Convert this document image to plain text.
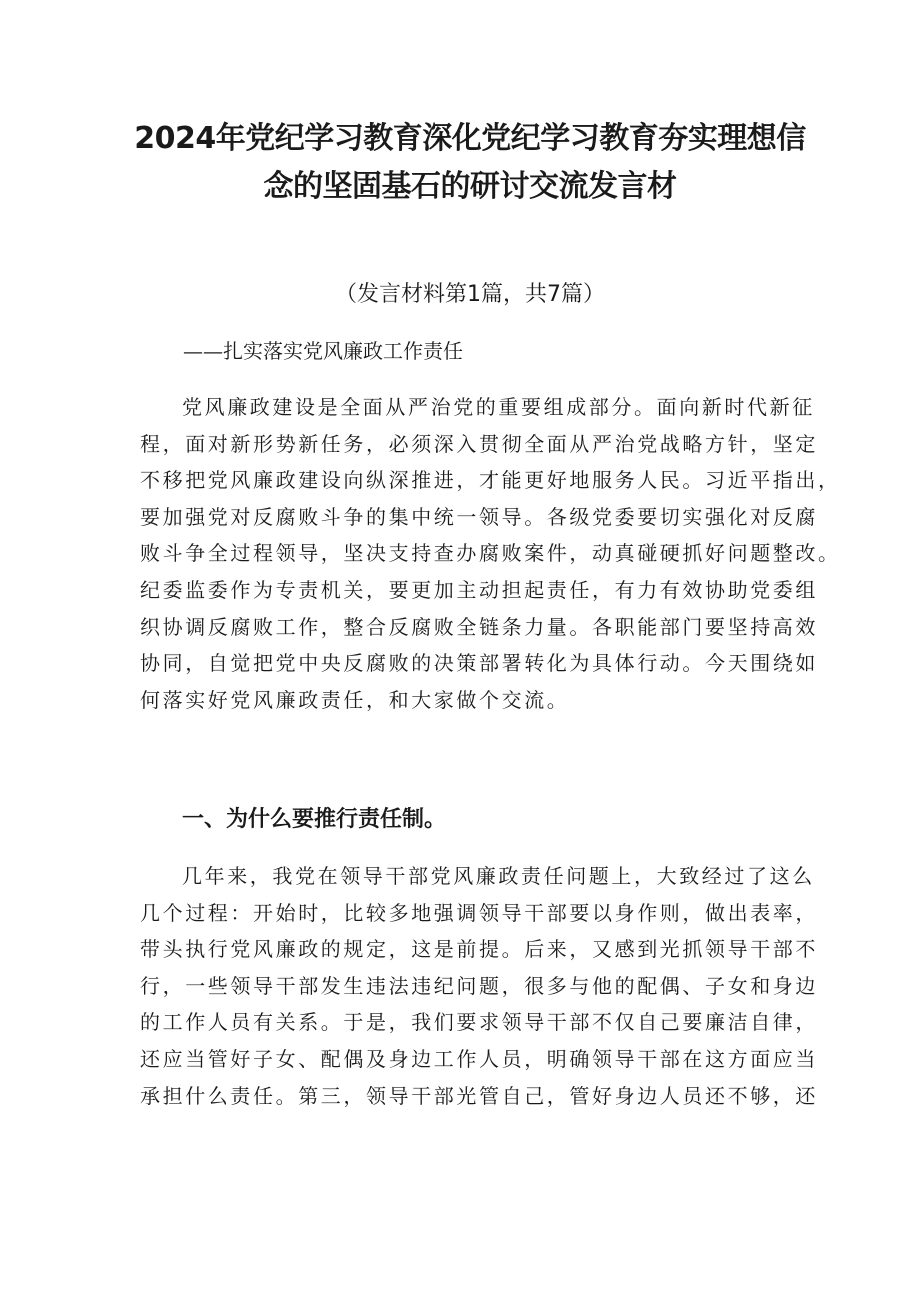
2024年党纪学习教育深化党纪学习教育夯实理想信
念的坚固基石的研讨交流发言材

（发言材料第1篇，共7篇）

——扎实落实党风廉政工作责任

党风廉政建设是全面从严治党的重要组成部分。面向新时代新征
程，面对新形势新任务，必须深入贯彻全面从严治党战略方针，坚定
不移把党风廉政建设向纵深推进，才能更好地服务人民。习近平指出，
要加强党对反腐败斗争的集中统一领导。各级党委要切实强化对反腐
败斗争全过程领导，坚决支持查办腐败案件，动真碰硬抓好问题整改。
纪委监委作为专责机关，要更加主动担起责任，有力有效协助党委组
织协调反腐败工作，整合反腐败全链条力量。各职能部门要坚持高效
协同，自觉把党中央反腐败的决策部署转化为具体行动。今天围绕如
何落实好党风廉政责任，和大家做个交流。
一、为什么要推行责任制。
几年来，我党在领导干部党风廉政责任问题上，大致经过了这么
几个过程：开始时，比较多地强调领导干部要以身作则，做出表率，
带头执行党风廉政的规定，这是前提。后来，又感到光抓领导干部不
行，一些领导干部发生违法违纪问题，很多与他的配偶、子女和身边
的工作人员有关系。于是，我们要求领导干部不仅自己要廉洁自律，
还应当管好子女、配偶及身边工作人员，明确领导干部在这方面应当
承担什么责任。第三，领导干部光管自己，管好身边人员还不够，还
